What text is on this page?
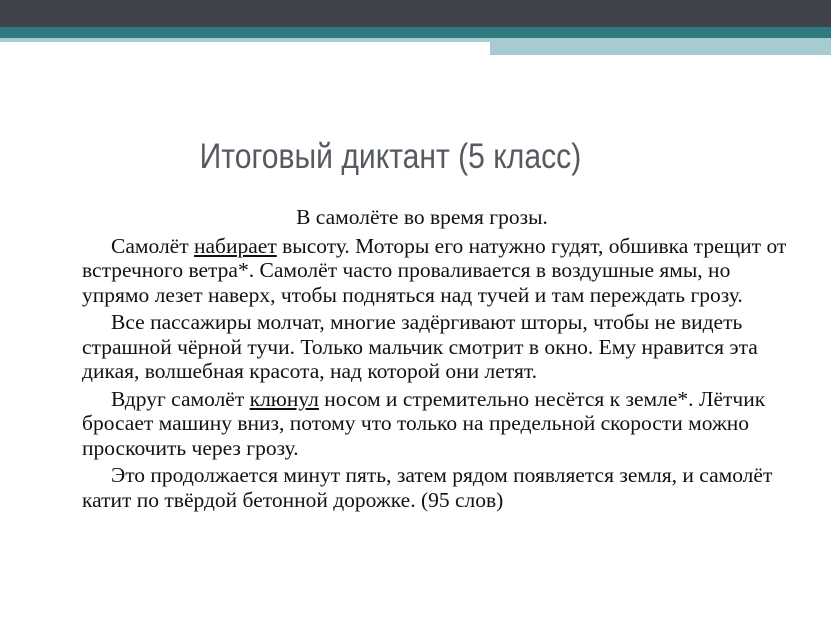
Итоговый диктант (5 класс)
В самолёте во время грозы.

Самолёт набирает высоту. Моторы его натужно гудят, обшивка трещит от встречного ветра*. Самолёт часто проваливается в воздушные ямы, но упрямо лезет наверх, чтобы подняться над тучей и там переждать грозу.

Все пассажиры молчат, многие задёргивают шторы, чтобы не видеть страшной чёрной тучи. Только мальчик смотрит в окно. Ему нравится эта дикая, волшебная красота, над которой они летят.

Вдруг самолёт клюнул носом и стремительно несётся к земле*. Лётчик бросает машину вниз, потому что только на предельной скорости можно проскочить через грозу.

Это продолжается минут пять, затем рядом появляется земля, и самолёт катит по твёрдой бетонной дорожке. (95 слов)
